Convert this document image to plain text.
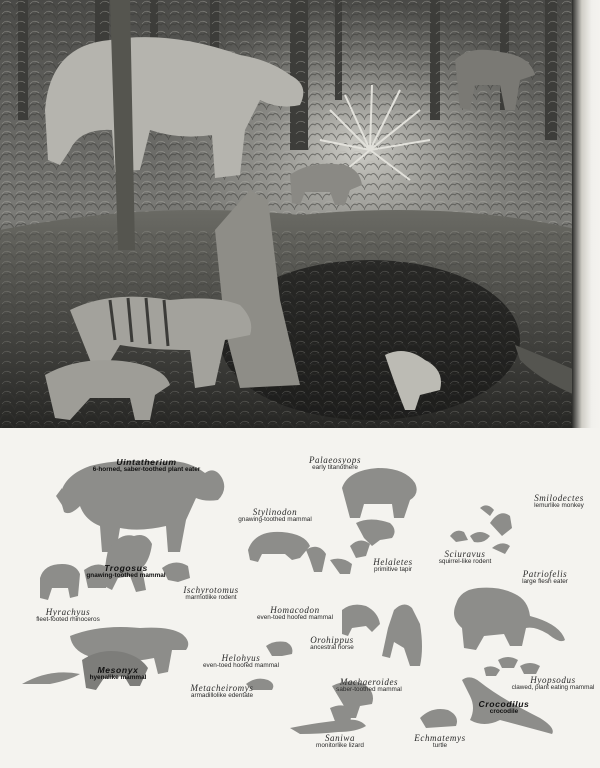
Uintatherium
6-horned, saber-toothed plant eater
Palaeosyops
early titanothere
Smilodectes
lemurlike monkey
Stylinodon
gnawing-toothed mammal
Sciuravus
squirrel-like rodent
Helaletes
primitive tapir
Trogosus
gnawing-toothed mammal
Ischyrotomus
marmotlike rodent
Patriofelis
large flesh eater
Hyrachyus
fleet-footed rhinoceros
Homacodon
even-toed hoofed mammal
Orohippus
ancestral horse
Helohyus
even-toed hoofed mammal
Mesonyx
hyenalike mammal
Metacheiromys
armadillolike edentate
Machaeroides
saber-toothed mammal
Hyopsodus
clawed, plant eating mammal
Crocodilus
crocodile
Saniwa
monitorlike lizard
Echmatemys
turtle
